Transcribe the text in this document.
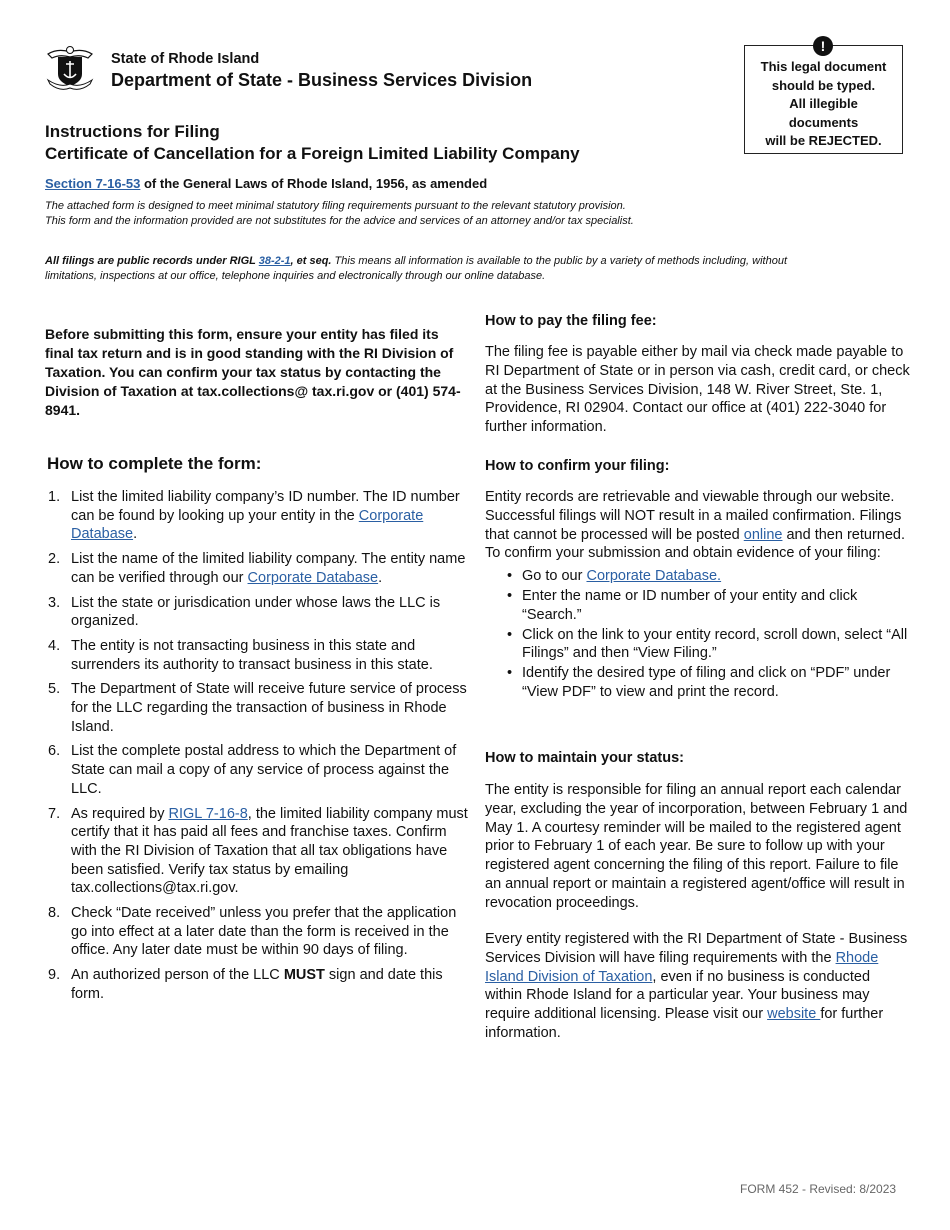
State of Rhode Island
Department of State - Business Services Division
!
This legal document
should be typed.
All illegible
documents
will be REJECTED.
Instructions for Filing
Certificate of Cancellation for a Foreign Limited Liability Company
Section 7-16-53 of the General Laws of Rhode Island, 1956, as amended
The attached form is designed to meet minimal statutory filing requirements pursuant to the relevant statutory provision.
This form and the information provided are not substitutes for the advice and services of an attorney and/or tax specialist.
All filings are public records under RIGL 38-2-1, et seq. This means all information is available to the public by a variety of methods including, without limitations, inspections at our office, telephone inquiries and electronically through our online database.
Before submitting this form, ensure your entity has filed its final tax return and is in good standing with the RI Division of Taxation. You can confirm your tax status by contacting the Division of Taxation at tax.collections@ tax.ri.gov or (401) 574-8941.
How to complete the form:
1. List the limited liability company’s ID number. The ID number can be found by looking up your entity in the Corporate Database.
2. List the name of the limited liability company. The entity name can be verified through our Corporate Database.
3. List the state or jurisdication under whose laws the LLC is organized.
4. The entity is not transacting business in this state and surrenders its authority to transact business in this state.
5. The Department of State will receive future service of process for the LLC regarding the transaction of business in Rhode Island.
6. List the complete postal address to which the Department of State can mail a copy of any service of process against the LLC.
7. As required by RIGL 7-16-8, the limited liability company must certify that it has paid all fees and franchise taxes. Confirm with the RI Division of Taxation that all tax obligations have been satisfied. Verify tax status by emailing tax.collections@tax.ri.gov.
8. Check “Date received” unless you prefer that the application go into effect at a later date than the form is received in the office. Any later date must be within 90 days of filing.
9. An authorized person of the LLC MUST sign and date this form.
How to pay the filing fee:
The filing fee is payable either by mail via check made payable to RI Department of State or in person via cash, credit card, or check at the Business Services Division, 148 W. River Street, Ste. 1, Providence, RI 02904. Contact our office at (401) 222-3040 for further information.
How to confirm your filing:
Entity records are retrievable and viewable through our website. Successful filings will NOT result in a mailed confirmation. Filings that cannot be processed will be posted online and then returned. To confirm your submission and obtain evidence of your filing:
• Go to our Corporate Database.
• Enter the name or ID number of your entity and click “Search.”
• Click on the link to your entity record, scroll down, select “All Filings” and then “View Filing.”
• Identify the desired type of filing and click on “PDF” under “View PDF” to view and print the record.
How to maintain your status:
The entity is responsible for filing an annual report each calendar year, excluding the year of incorporation, between February 1 and May 1. A courtesy reminder will be mailed to the registered agent prior to February 1 of each year. Be sure to follow up with your registered agent concerning the filing of this report. Failure to file an annual report or maintain a registered agent/office will result in revocation proceedings.
Every entity registered with the RI Department of State - Business Services Division will have filing requirements with the Rhode Island Division of Taxation, even if no business is conducted within Rhode Island for a particular year. Your business may require additional licensing. Please visit our website for further information.
FORM 452 - Revised: 8/2023
